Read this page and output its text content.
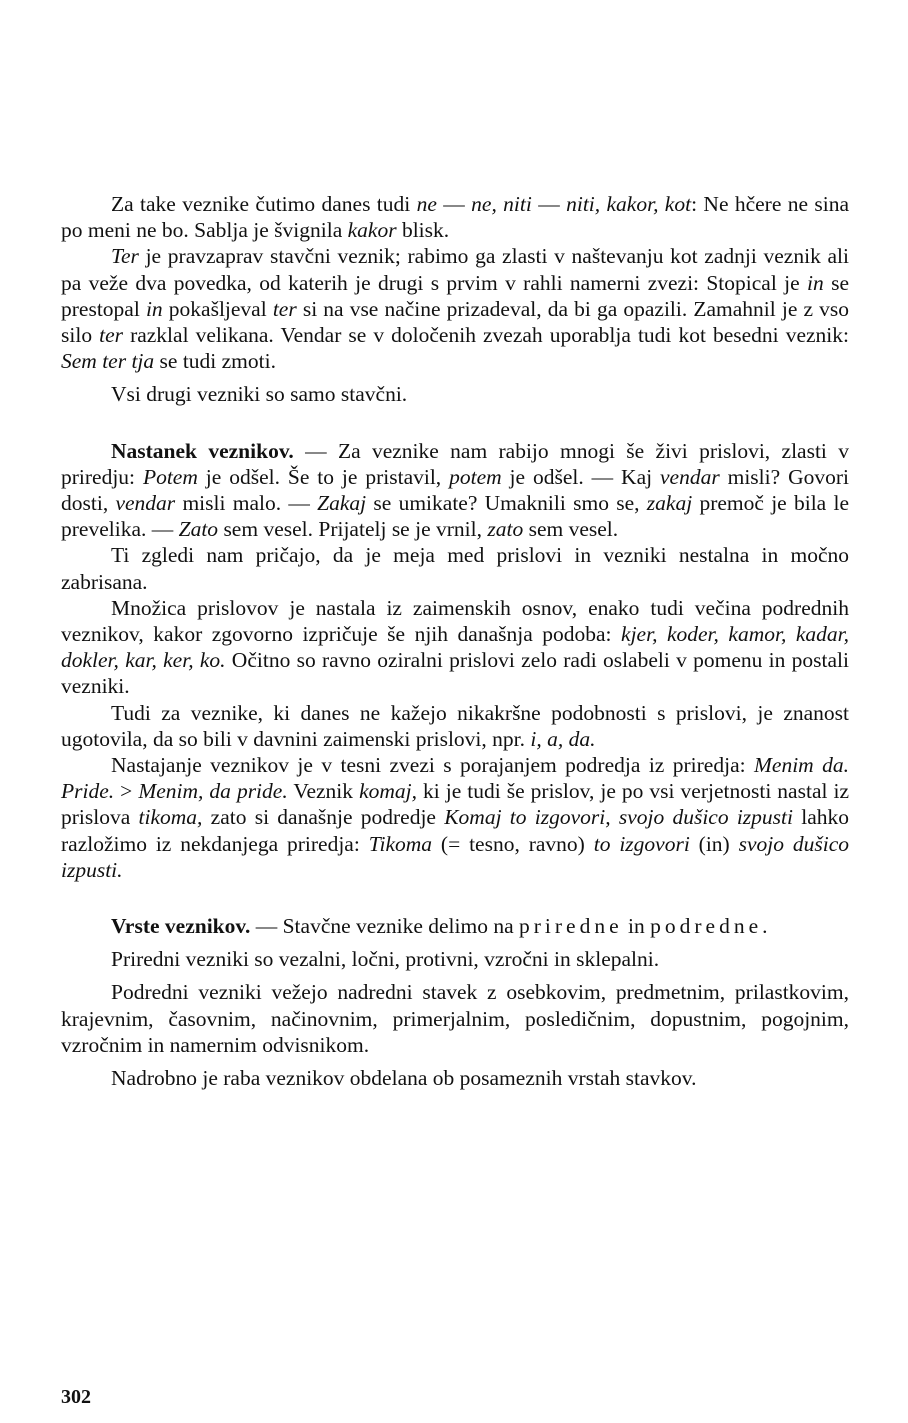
Za take veznike čutimo danes tudi ne — ne, niti — niti, kakor, kot: Ne hčere ne sina po meni ne bo. Sablja je švignila kakor blisk.

Ter je pravzaprav stavčni veznik; rabimo ga zlasti v naštevanju kot zadnji veznik ali pa veže dva povedka, od katerih je drugi s prvim v rahli namerni zvezi: Stopical je in se prestopal in pokašljeval ter si na vse načine prizadeval, da bi ga opazili. Zamahnil je z vso silo ter razklal velikana. Vendar se v določenih zvezah uporablja tudi kot besedni veznik: Sem ter tja se tudi zmoti.

Vsi drugi vezniki so samo stavčni.

Nastanek veznikov. — Za veznike nam rabijo mnogi še živi prislovi, zlasti v priredju: Potem je odšel. Še to je pristavil, potem je odšel. — Kaj vendar misli? Govori dosti, vendar misli malo. — Zakaj se umikate? Umaknili smo se, zakaj premoč je bila le prevelika. — Zato sem vesel. Prijatelj se je vrnil, zato sem vesel.

Ti zgledi nam pričajo, da je meja med prislovi in vezniki nestalna in močno zabrisana.

Množica prislovov je nastala iz zaimenskih osnov, enako tudi večina podrednih veznikov, kakor zgovorno izpričuje še njih današnja podoba: kjer, koder, kamor, kadar, dokler, kar, ker, ko. Očitno so ravno oziralni prislovi zelo radi oslabeli v pomenu in postali vezniki.

Tudi za veznike, ki danes ne kažejo nikakršne podobnosti s prislovi, je znanost ugotovila, da so bili v davnini zaimenski prislovi, npr. i, a, da.

Nastajanje veznikov je v tesni zvezi s porajanjem podredja iz priredja: Menim da. Pride. > Menim, da pride. Veznik komaj, ki je tudi še prislov, je po vsi verjetnosti nastal iz prislova tikoma, zato si današnje podredje Komaj to izgovori, svojo dušico izpusti lahko razložimo iz nekdanjega priredja: Tikoma (= tesno, ravno) to izgovori (in) svojo dušico izpusti.

Vrste veznikov. — Stavčne veznike delimo na priredne in podredne.

Priredni vezniki so vezalni, ločni, protivni, vzročni in sklepalni.

Podredni vezniki vežejo nadredni stavek z osebkovim, predmetnim, prilastkovim, krajevnim, časovnim, načinovnim, primerjalnim, posledičnim, dopustnim, pogojnim, vzročnim in namernim odvisnikom.

Nadrobno je raba veznikov obdelana ob posameznih vrstah stavkov.

302
